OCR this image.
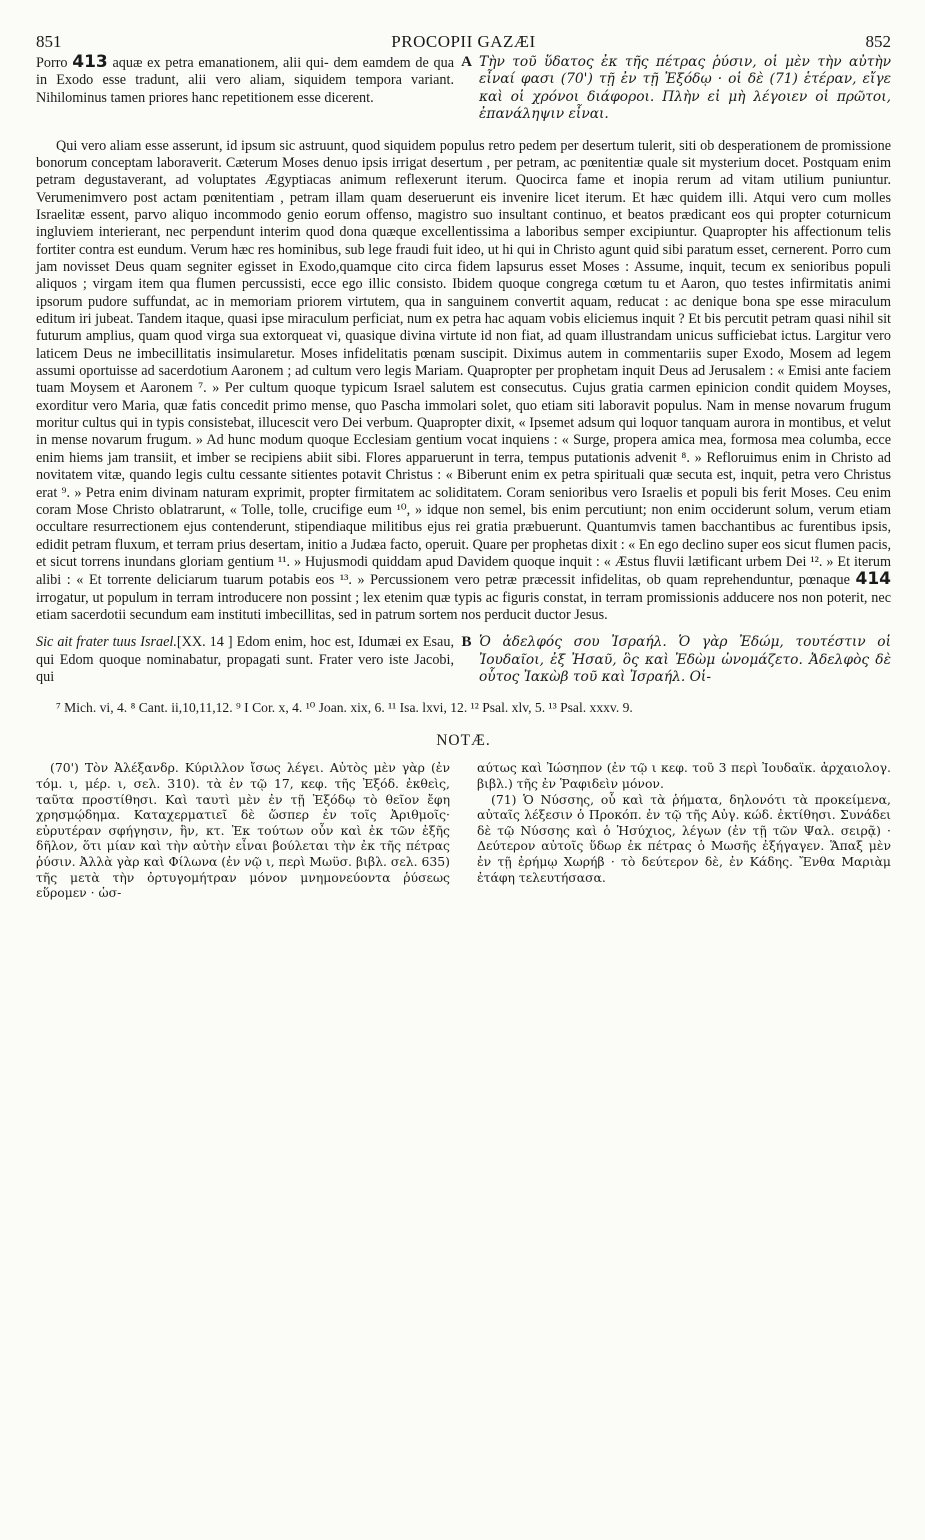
851	PROCOPII GAZÆI	852
Porro 413 aquæ ex petra emanationem, alii qui- dem eamdem de qua in Exodo esse tradunt, alii vero aliam, siquidem tempora variant. Nihilominus tamen priores hanc repetitionem esse dicerent.
A Τὴν τοῦ ὕδατος ἐκ τῆς πέτρας ῥύσιν, οἱ μὲν τὴν αὐτὴν εἶναί φασι (70') τῇ ἐν τῇ Ἐξόδῳ · οἱ δὲ (71) ἑτέραν, εἴγε καὶ οἱ χρόνοι διάφοροι. Πλὴν εἰ μὴ λέγοιεν οἱ πρῶτοι, ἐπανάληψιν εἶναι.

Qui vero aliam esse asserunt, id ipsum sic astruunt, quod siquidem populus retro pedem per desertum tulerit, siti ob desperationem de promissione bonorum conceptam laboraverit. Cæterum Moses denuo ipsis irrigat desertum , per petram, ac pœnitentiæ quale sit mysterium docet. Postquam enim petram degustaverant, ad voluptates Ægyptiacas animum reflexerunt iterum. Quocirca fame et inopia rerum ad vitam utilium puniuntur. Verumenimvero post actam pœnitentiam , petram illam quam deseruerunt eis invenire licet iterum. Et hæc quidem illi. Atqui vero cum molles Israelitæ essent, parvo aliquo incommodo genio eorum offenso, magistro suo insultant continuo, et beatos prædicant eos qui propter coturnicum ingluviem interierant, nec perpendunt interim quod dona quæque excellentissima a laboribus semper excipiuntur. Quapropter his affectionum telis fortiter contra est eundum. Verum hæc res hominibus, sub lege fraudi fuit ideo, ut hi qui in Christo agunt quid sibi paratum esset, cernerent. Porro cum jam novisset Deus quam segniter egisset in Exodo,quamque cito circa fidem lapsurus esset Moses : Assume, inquit, tecum ex senioribus populi aliquos ; virgam item qua flumen percussisti, ecce ego illic consisto. Ibidem quoque congrega cœtum tu et Aaron, quo testes infirmitatis animi ipsorum pudore suffundat, ac in memoriam priorem virtutem, qua in sanguinem convertit aquam, reducat : ac denique bona spe esse miraculum editum iri jubeat. Tandem itaque, quasi ipse miraculum perficiat, num ex petra hac aquam vobis eliciemus inquit ? Et bis percutit petram quasi nihil sit futurum amplius, quam quod virga sua extorqueat vi, quasique divina virtute id non fiat, ad quam illustrandam unicus sufficiebat ictus. Largitur vero laticem Deus ne imbecillitatis insimularetur. Moses infidelitatis pœnam suscipit. Diximus autem in commentariis super Exodo, Mosem ad legem assumi oportuisse ad sacerdotium Aaronem ; ad cultum vero legis Mariam. Quapropter per prophetam inquit Deus ad Jerusalem : « Emisi ante faciem tuam Moysem et Aaronem ⁷. » Per cultum quoque typicum Israel salutem est consecutus. Cujus gratia carmen epinicion condit quidem Moyses, exorditur vero Maria, quæ fatis concedit primo mense, quo Pascha immolari solet, quo etiam siti laboravit populus. Nam in mense novarum frugum moritur cultus qui in typis consistebat, illucescit vero Dei verbum. Quapropter dixit, « Ipsemet adsum qui loquor tanquam aurora in montibus, et velut in mense novarum frugum. » Ad hunc modum quoque Ecclesiam gentium vocat inquiens : « Surge, propera amica mea, formosa mea columba, ecce enim hiems jam transiit, et imber se recipiens abiit sibi. Flores apparuerunt in terra, tempus putationis advenit ⁸. » Refloruimus enim in Christo ad novitatem vitæ, quando legis cultu cessante sitientes potavit Christus : « Biberunt enim ex petra spirituali quæ secuta est, inquit, petra vero Christus erat ⁹. » Petra enim divinam naturam exprimit, propter firmitatem ac soliditatem. Coram senioribus vero Israelis et populi bis ferit Moses. Ceu enim coram Mose Christo oblatrarunt, « Tolle, tolle, crucifige eum ¹⁰, » idque non semel, bis enim percutiunt; non enim occiderunt solum, verum etiam occultare resurrectionem ejus contenderunt, stipendiaque militibus ejus rei gratia præbuerunt. Quantumvis tamen bacchantibus ac furentibus ipsis, edidit petram fluxum, et terram prius desertam, initio a Judæa facto, operuit. Quare per prophetas dixit : « En ego declino super eos sicut flumen pacis, et sicut torrens inundans gloriam gentium ¹¹. » Hujusmodi quiddam apud Davidem quoque inquit : « Æstus fluvii lætificant urbem Dei ¹². » Et iterum alibi : « Et torrente deliciarum tuarum potabis eos ¹³. » Percussionem vero petræ præcessit infidelitas, ob quam reprehenduntur, pœnaque 414 irrogatur, ut populum in terram introducere non possint ; lex etenim quæ typis ac figuris constat, in terram promissionis adducere nos non poterit, nec etiam sacerdotii secundum eam instituti imbecillitas, sed in patrum sortem nos perducit ductor Jesus.

Sic ait frater tuus Israel.[XX. 14 ] Edom enim, hoc est, Idumæi ex Esau, qui Edom quoque nominabatur, propagati sunt. Frater vero iste Jacobi, qui
B Ὁ ἀδελφός σου Ἰσραήλ. Ὁ γὰρ Ἐδώμ, τουτέστιν οἱ Ἰουδαῖοι, ἐξ Ἠσαῦ, ὃς καὶ Ἐδὼμ ὠνομάζετο. Ἀδελφὸς δὲ οὗτος Ἰακὼβ τοῦ καὶ Ἰσραήλ. Οἱ-
⁷ Mich. vi, 4. ⁸ Cant. ii,10,11,12. ⁹ I Cor. x, 4. ¹⁰ Joan. xix, 6. ¹¹ Isa. lxvi, 12. ¹² Psal. xlv, 5. ¹³ Psal. xxxv. 9.
NOTÆ.

(70') Τὸν Ἀλέξανδρ. Κύριλλον ἴσως λέγει. Αὐτὸς μὲν γὰρ (ἐν τόμ. ι, μέρ. ι, σελ. 310). τὰ ἐν τῷ 17, κεφ. τῆς Ἐξόδ. ἐκθεὶς, ταῦτα προστίθησι. Καὶ ταυτὶ μὲν ἐν τῇ Ἐξόδῳ τὸ θεῖον ἔφη χρησμῴδημα. Καταχερματιεῖ δὲ ὥσπερ ἐν τοῖς Ἀριθμοῖς· εὐρυτέραν σφήγησιν, ἣν, κτ. Ἐκ τούτων οὖν καὶ ἐκ τῶν ἑξῆς δῆλον, ὅτι μίαν καὶ τὴν αὐτὴν εἶναι βούλεται τὴν ἐκ τῆς πέτρας ῥύσιν. Ἀλλὰ γὰρ καὶ Φίλωνα (ἐν νῷ ι, περὶ Μωϋσ. βιβλ. σελ. 635) τῆς μετὰ τὴν ὀρτυγομήτραν μόνον μνημονεύοντα ῥύσεως εὕρομεν · ὡσ-

αύτως καὶ Ἰώσηπον (ἐν τῷ ι κεφ. τοῦ 3 περὶ Ἰουδαϊκ. ἀρχαιολογ. βιβλ.) τῆς ἐν Ῥαφιδεὶν μόνον.

(71) Ὁ Νύσσης, οὗ καὶ τὰ ῥήματα, δηλονότι τὰ προκείμενα, αὐταῖς λέξεσιν ὁ Προκόπ. ἐν τῷ τῆς Αὐγ. κώδ. ἐκτίθησι. Συνάδει δὲ τῷ Νύσσης καὶ ὁ Ἡσύχιος, λέγων (ἐν τῇ τῶν Ψαλ. σειρᾷ) · Δεύτερον αὐτοῖς ὕδωρ ἐκ πέτρας ὁ Μωσῆς ἐξήγαγεν. Ἅπαξ μὲν ἐν τῇ ἐρήμῳ Χωρήβ · τὸ δεύτερον δὲ, ἐν Κάδης. Ἔνθα Μαριὰμ ἐτάφη τελευτήσασα.
